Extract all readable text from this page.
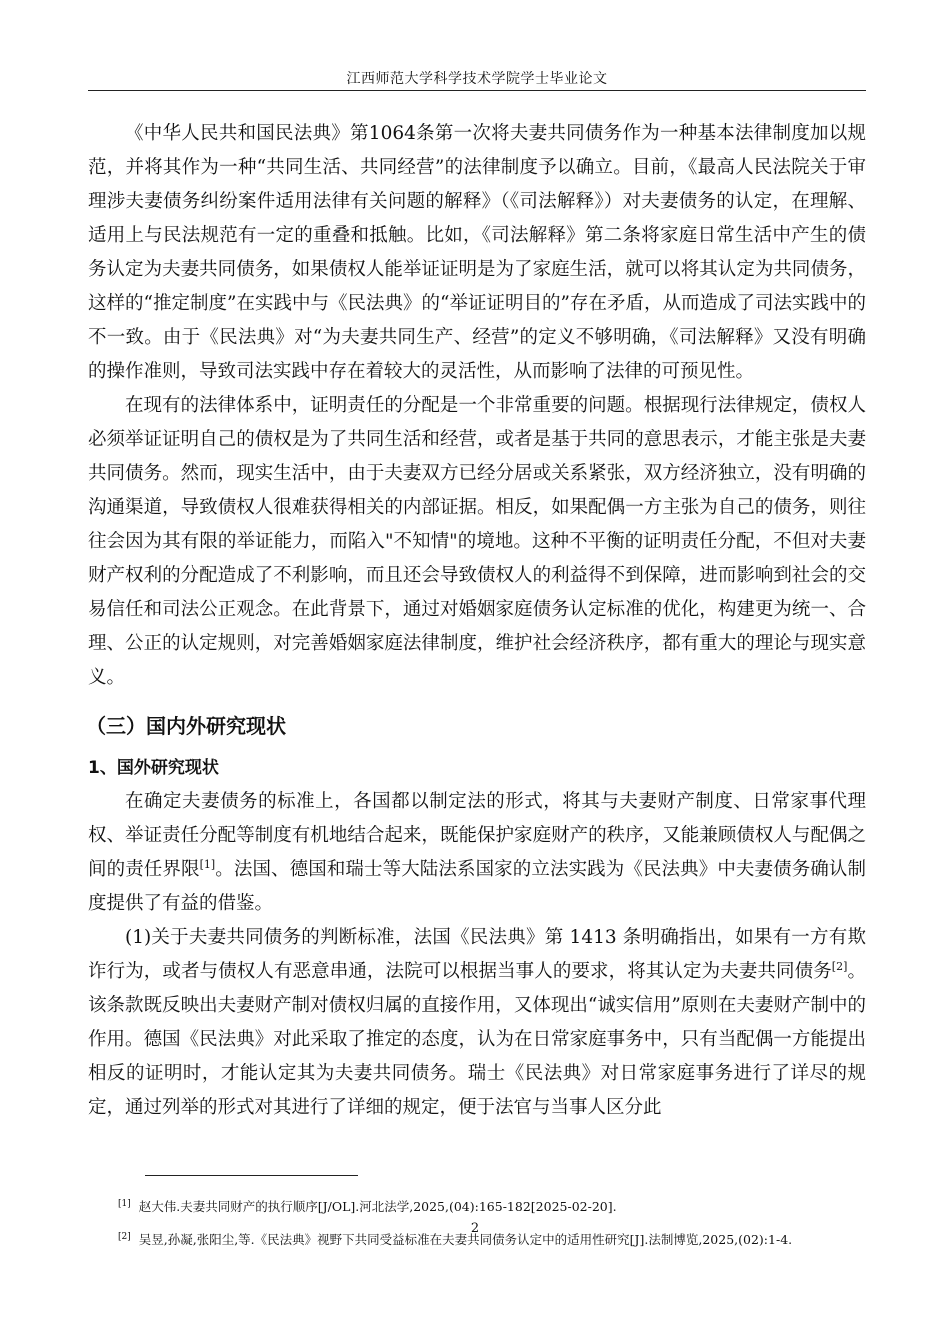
江西师范大学科学技术学院学士毕业论文

《中华人民共和国民法典》第1064条第一次将夫妻共同债务作为一种基本法律制度加以规范，并将其作为一种“共同生活、共同经营”的法律制度予以确立。目前，《最高人民法院关于审理涉夫妻债务纠纷案件适用法律有关问题的解释》（《司法解释》）对夫妻债务的认定，在理解、适用上与民法规范有一定的重叠和抵触。比如，《司法解释》第二条将家庭日常生活中产生的债务认定为夫妻共同债务，如果债权人能举证证明是为了家庭生活，就可以将其认定为共同债务，这样的“推定制度”在实践中与《民法典》的“举证证明目的”存在矛盾，从而造成了司法实践中的不一致。由于《民法典》对“为夫妻共同生产、经营”的定义不够明确，《司法解释》又没有明确的操作准则，导致司法实践中存在着较大的灵活性，从而影响了法律的可预见性。

在现有的法律体系中，证明责任的分配是一个非常重要的问题。根据现行法律规定，债权人必须举证证明自己的债权是为了共同生活和经营，或者是基于共同的意思表示，才能主张是夫妻共同债务。然而，现实生活中，由于夫妻双方已经分居或关系紧张，双方经济独立，没有明确的沟通渠道，导致债权人很难获得相关的内部证据。相反，如果配偶一方主张为自己的债务，则往往会因为其有限的举证能力，而陷入"不知情"的境地。这种不平衡的证明责任分配，不但对夫妻财产权利的分配造成了不利影响，而且还会导致债权人的利益得不到保障，进而影响到社会的交易信任和司法公正观念。在此背景下，通过对婚姻家庭债务认定标准的优化，构建更为统一、合理、公正的认定规则，对完善婚姻家庭法律制度，维护社会经济秩序，都有重大的理论与现实意义。

（三）国内外研究现状
1、国外研究现状

在确定夫妻债务的标准上，各国都以制定法的形式，将其与夫妻财产制度、日常家事代理权、举证责任分配等制度有机地结合起来，既能保护家庭财产的秩序，又能兼顾债权人与配偶之间的责任界限[1]。法国、德国和瑞士等大陆法系国家的立法实践为《民法典》中夫妻债务确认制度提供了有益的借鉴。

(1)关于夫妻共同债务的判断标准，法国《民法典》第 1413 条明确指出，如果有一方有欺诈行为，或者与债权人有恶意串通，法院可以根据当事人的要求，将其认定为夫妻共同债务[2]。该条款既反映出夫妻财产制对债权归属的直接作用，又体现出“诚实信用”原则在夫妻财产制中的作用。德国《民法典》对此采取了推定的态度，认为在日常家庭事务中，只有当配偶一方能提出相反的证明时，才能认定其为夫妻共同债务。瑞士《民法典》对日常家庭事务进行了详尽的规定，通过列举的形式对其进行了详细的规定，便于法官与当事人区分此

[1] 赵大伟.夫妻共同财产的执行顺序[J/OL].河北法学,2025,(04):165-182[2025-02-20].
[2] 吴昱,孙凝,张阳尘,等.《民法典》视野下共同受益标准在夫妻共同债务认定中的适用性研究[J].法制博览,2025,(02):1-4.
2
